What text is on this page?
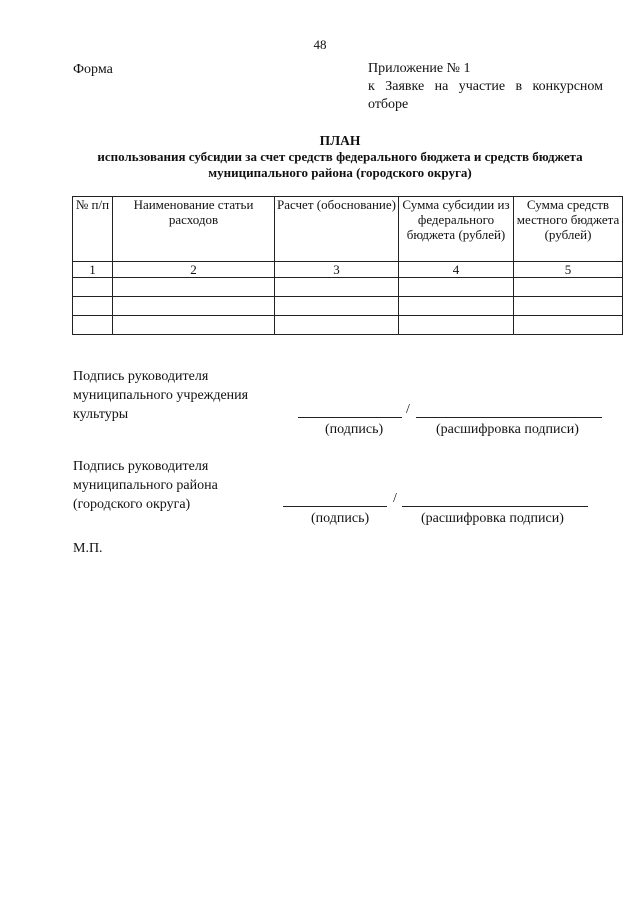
48
Форма	Приложение № 1
к Заявке на участие в конкурсном
отборе
ПЛАН
использования субсидии за счет средств федерального бюджета и средств бюджета
муниципального района (городского округа)
№ п/п	Наименование статьи расходов	Расчет (обоснование)	Сумма субсидии из федерального бюджета (рублей)	Сумма средств местного бюджета (рублей)
1	2	3	4	5

Подпись руководителя муниципального учреждения культуры	/
(подпись)	(расшифровка подписи)
Подпись руководителя муниципального района (городского округа)	/
(подпись)	(расшифровка подписи)
М.П.
